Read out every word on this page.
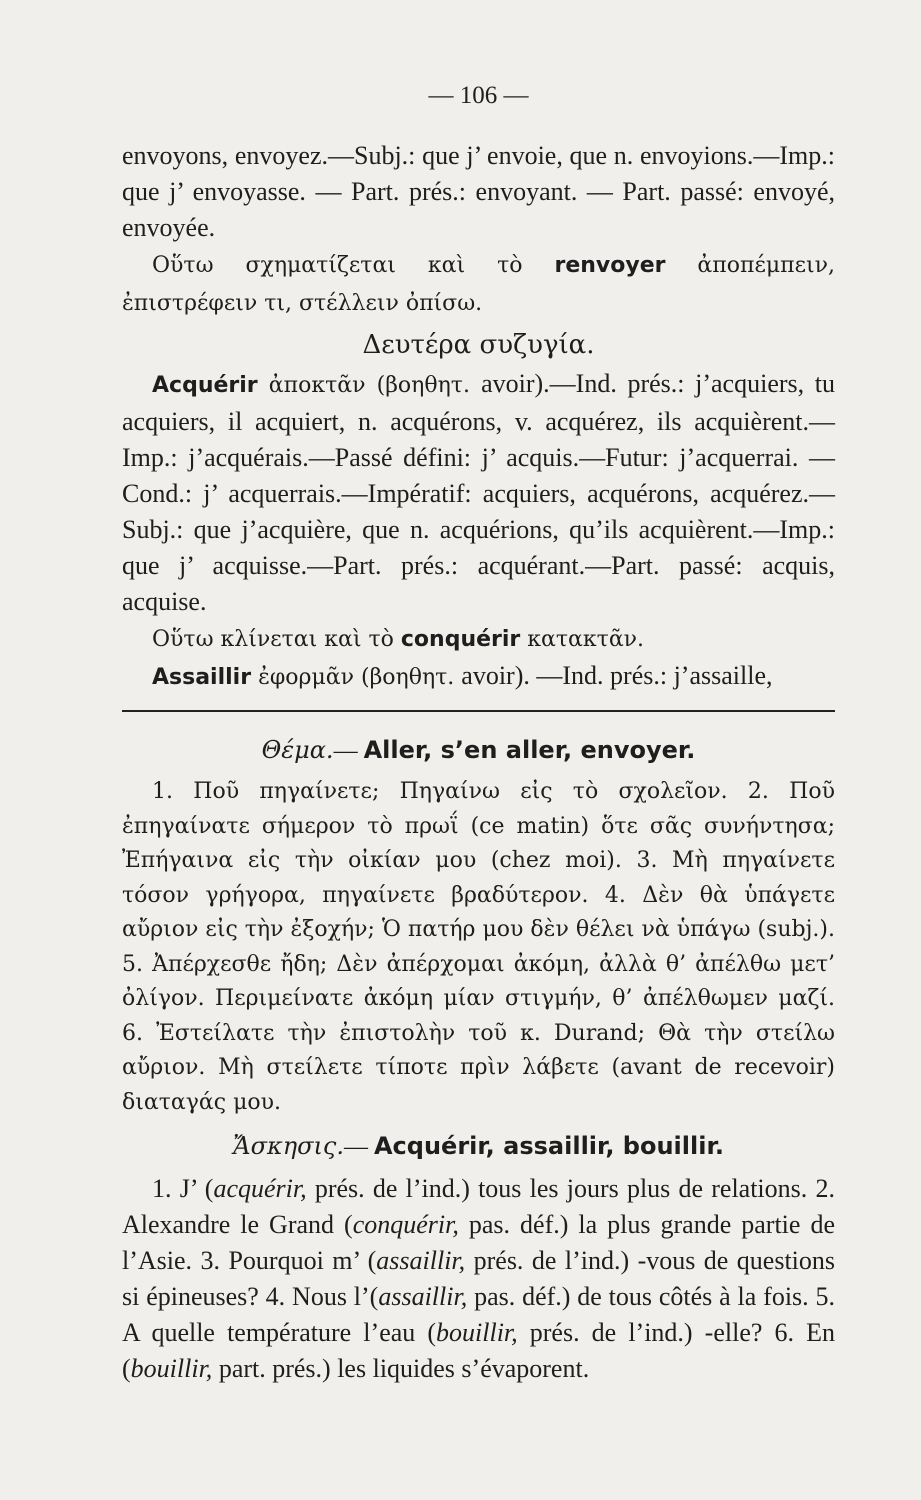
— 106 —

envoyons, envoyez.—Subj.: que j’ envoie, que n. envoyions.—Imp.: que j’ envoyasse. — Part. prés.: envoyant. — Part. passé: envoyé, envoyée.

Οὕτω σχηματίζεται καὶ τὸ renvoyer ἀποπέμπειν, ἐπιστρέφειν τι, στέλλειν ὀπίσω.

Δευτέρα συζυγία.

Acquérir ἀποκτᾶν (βοηθητ. avoir).—Ind. prés.: j’acquiers, tu acquiers, il acquiert, n. acquérons, v. acquérez, ils acquièrent.—Imp.: j’acquérais.—Passé défini: j’ acquis.—Futur: j’acquerrai. — Cond.: j’ acquerrais.—Impératif: acquiers, acquérons, acquérez.—Subj.: que j’acquière, que n. acquérions, qu’ils acquièrent.—Imp.: que j’ acquisse.—Part. prés.: acquérant.—Part. passé: acquis, acquise.

Οὕτω κλίνεται καὶ τὸ conquérir κατακτᾶν.

Assaillir ἐφορμᾶν (βοηθητ. avoir). —Ind. prés.: j’assaille,

Θέμα.— Aller, s’en aller, envoyer.

1. Ποῦ πηγαίνετε; Πηγαίνω εἰς τὸ σχολεῖον. 2. Ποῦ ἐπηγαίνατε σήμερον τὸ πρωΐ (ce matin) ὅτε σᾶς συνήντησα; Ἐπήγαινα εἰς τὴν οἰκίαν μου (chez moi). 3. Μὴ πηγαίνετε τόσον γρήγορα, πηγαίνετε βραδύτερον. 4. Δὲν θὰ ὑπάγετε αὔριον εἰς τὴν ἐξοχήν; Ὁ πατήρ μου δὲν θέλει νὰ ὑπάγω (subj.). 5. Ἀπέρχεσθε ἤδη; Δὲν ἀπέρχομαι ἀκόμη, ἀλλὰ θ’ ἀπέλθω μετ’ ὀλίγον. Περιμείνατε ἀκόμη μίαν στιγμήν, θ’ ἀπέλθωμεν μαζί. 6. Ἐστείλατε τὴν ἐπιστολὴν τοῦ κ. Durand; Θὰ τὴν στείλω αὔριον. Μὴ στείλετε τίποτε πρὶν λάβετε (avant de recevoir) διαταγάς μου.

Ἄσκησις.— Acquérir, assaillir, bouillir.

1. J’ (acquérir, prés. de l’ind.) tous les jours plus de relations. 2. Alexandre le Grand (conquérir, pas. déf.) la plus grande partie de l’Asie. 3. Pourquoi m’ (assaillir, prés. de l’ind.) -vous de questions si épineuses? 4. Nous l’(assaillir, pas. déf.) de tous côtés à la fois. 5. A quelle température l’eau (bouillir, prés. de l’ind.) -elle? 6. En (bouillir, part. prés.) les liquides s’évaporent.
